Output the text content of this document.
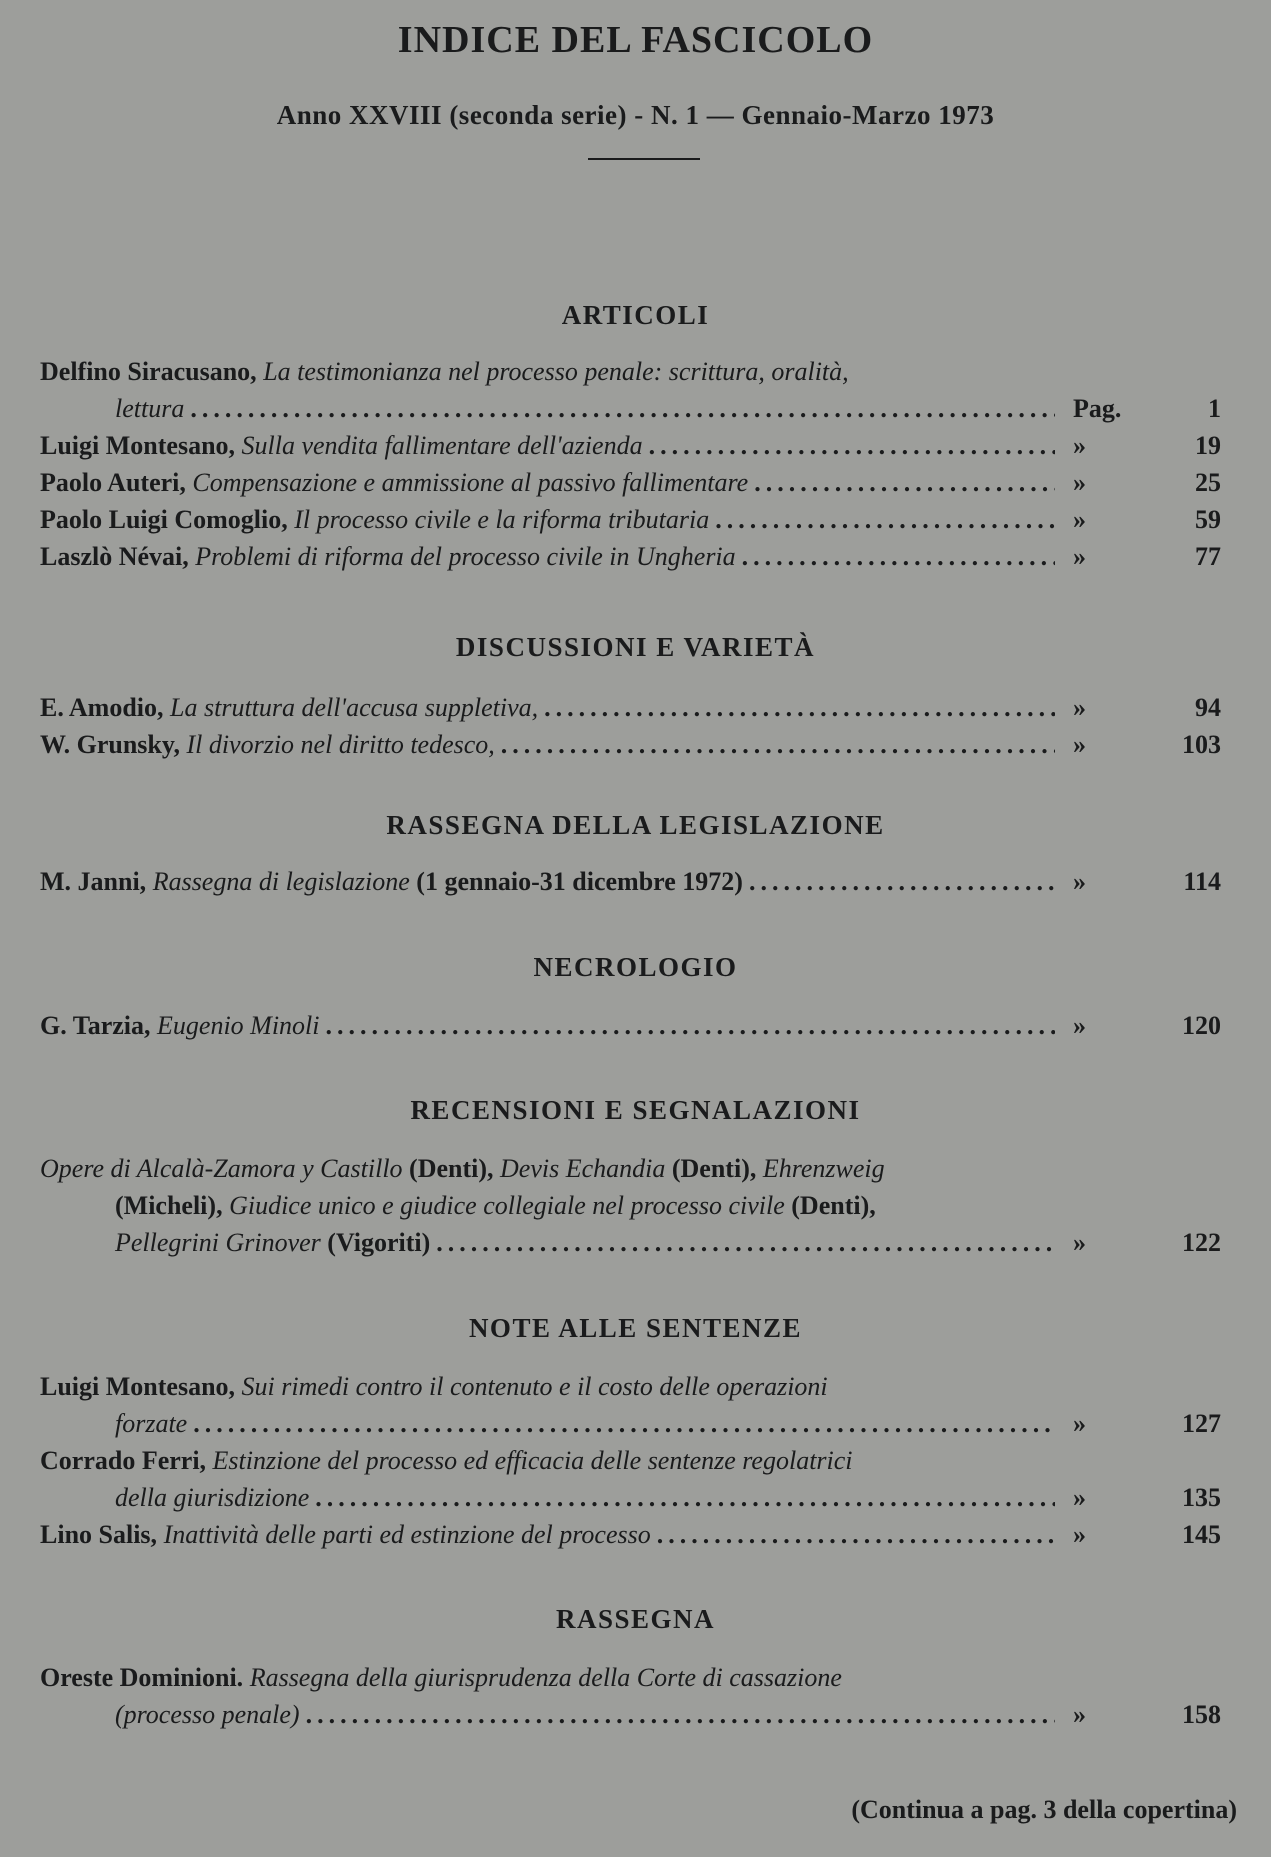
INDICE DEL FASCICOLO
Anno XXVIII (seconda serie) - N. 1 — Gennaio-Marzo 1973
ARTICOLI
Delfino Siracusano, La testimonianza nel processo penale: scrittura, oralità,
lettura .....	Pag.	1
Luigi Montesano, Sulla vendita fallimentare dell'azienda .....	»	19
Paolo Auteri, Compensazione e ammissione al passivo fallimentare .....	»	25
Paolo Luigi Comoglio, Il processo civile e la riforma tributaria .....	»	59
Laszlò Névai, Problemi di riforma del processo civile in Ungheria .....	»	77
DISCUSSIONI E VARIETÀ
E. Amodio, La struttura dell'accusa suppletiva, .....	»	94
W. Grunsky, Il divorzio nel diritto tedesco, .....	»	103
RASSEGNA DELLA LEGISLAZIONE
M. Janni, Rassegna di legislazione (1 gennaio-31 dicembre 1972) .....	»	114
NECROLOGIO
G. Tarzia, Eugenio Minoli .....	»	120
RECENSIONI E SEGNALAZIONI
Opere di Alcalà-Zamora y Castillo (Denti), Devis Echandia (Denti), Ehrenzweig
(Micheli), Giudice unico e giudice collegiale nel processo civile (Denti),
Pellegrini Grinover (Vigoriti) .....	»	122
NOTE ALLE SENTENZE
Luigi Montesano, Sui rimedi contro il contenuto e il costo delle operazioni
forzate .....	»	127
Corrado Ferri, Estinzione del processo ed efficacia delle sentenze regolatrici
della giurisdizione .....	»	135
Lino Salis, Inattività delle parti ed estinzione del processo .....	»	145
RASSEGNA
Oreste Dominioni. Rassegna della giurisprudenza della Corte di cassazione
(processo penale) .....	»	158
(Continua a pag. 3 della copertina)
